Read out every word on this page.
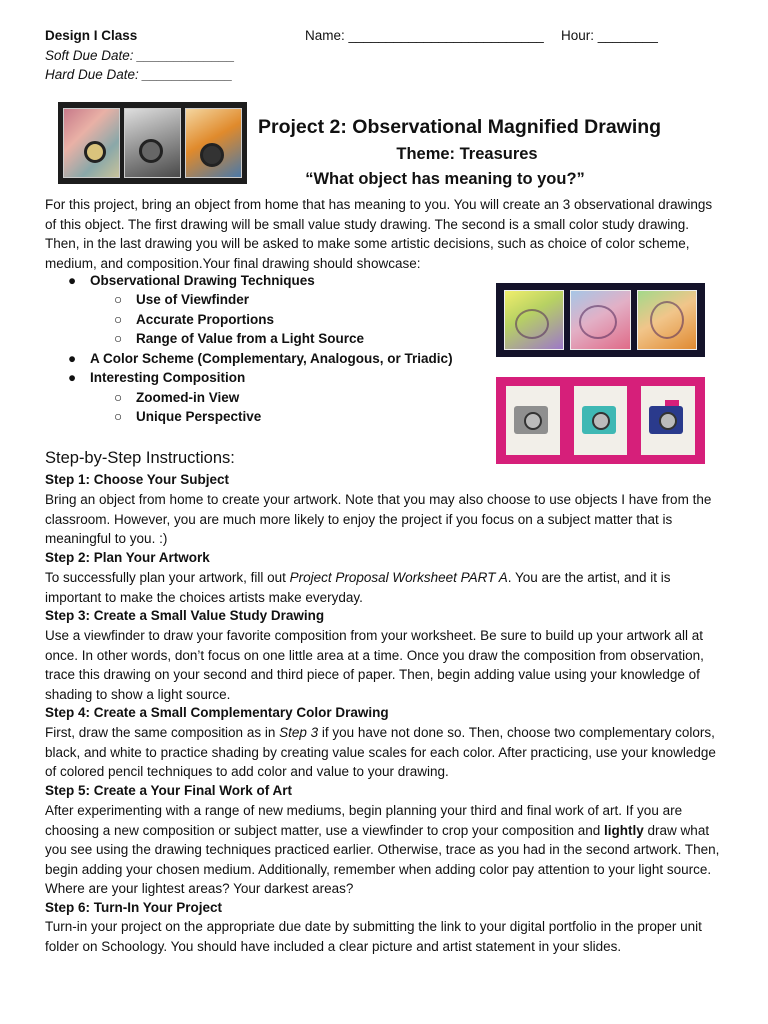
Design I Class
Soft Due Date: _____________
Hard Due Date: ____________
Name: __________________________ Hour: ________
Project 2: Observational Magnified Drawing
Theme: Treasures
“What object has meaning to you?”
For this project, bring an object from home that has meaning to you. You will create an 3 observational drawings of this object. The first drawing will be small value study drawing. The second is a small color study drawing. Then, in the last drawing you will be asked to make some artistic decisions, such as choice of color scheme, medium, and composition.Your final drawing should showcase:
● Observational Drawing Techniques
○ Use of Viewfinder
○ Accurate Proportions
○ Range of Value from a Light Source
● A Color Scheme (Complementary, Analogous, or Triadic)
● Interesting Composition
○ Zoomed-in View
○ Unique Perspective
Step-by-Step Instructions:
Step 1: Choose Your Subject
Bring an object from home to create your artwork. Note that you may also choose to use objects I have from the classroom. However, you are much more likely to enjoy the project if you focus on a subject matter that is meaningful to you. :)
Step 2: Plan Your Artwork
To successfully plan your artwork, fill out Project Proposal Worksheet PART A. You are the artist, and it is important to make the choices artists make everyday.
Step 3: Create a Small Value Study Drawing
Use a viewfinder to draw your favorite composition from your worksheet. Be sure to build up your artwork all at once. In other words, don’t focus on one little area at a time. Once you draw the composition from observation, trace this drawing on your second and third piece of paper. Then, begin adding value using your knowledge of shading to show a light source.
Step 4: Create a Small Complementary Color Drawing
First, draw the same composition as in Step 3 if you have not done so. Then, choose two complementary colors, black, and white to practice shading by creating value scales for each color. After practicing, use your knowledge of colored pencil techniques to add color and value to your drawing.
Step 5: Create a Your Final Work of Art
After experimenting with a range of new mediums, begin planning your third and final work of art. If you are choosing a new composition or subject matter, use a viewfinder to crop your composition and lightly draw what you see using the drawing techniques practiced earlier. Otherwise, trace as you had in the second artwork. Then, begin adding your chosen medium. Additionally, remember when adding color pay attention to your light source. Where are your lightest areas? Your darkest areas?
Step 6: Turn-In Your Project
Turn-in your project on the appropriate due date by submitting the link to your digital portfolio in the proper unit folder on Schoology. You should have included a clear picture and artist statement in your slides.
